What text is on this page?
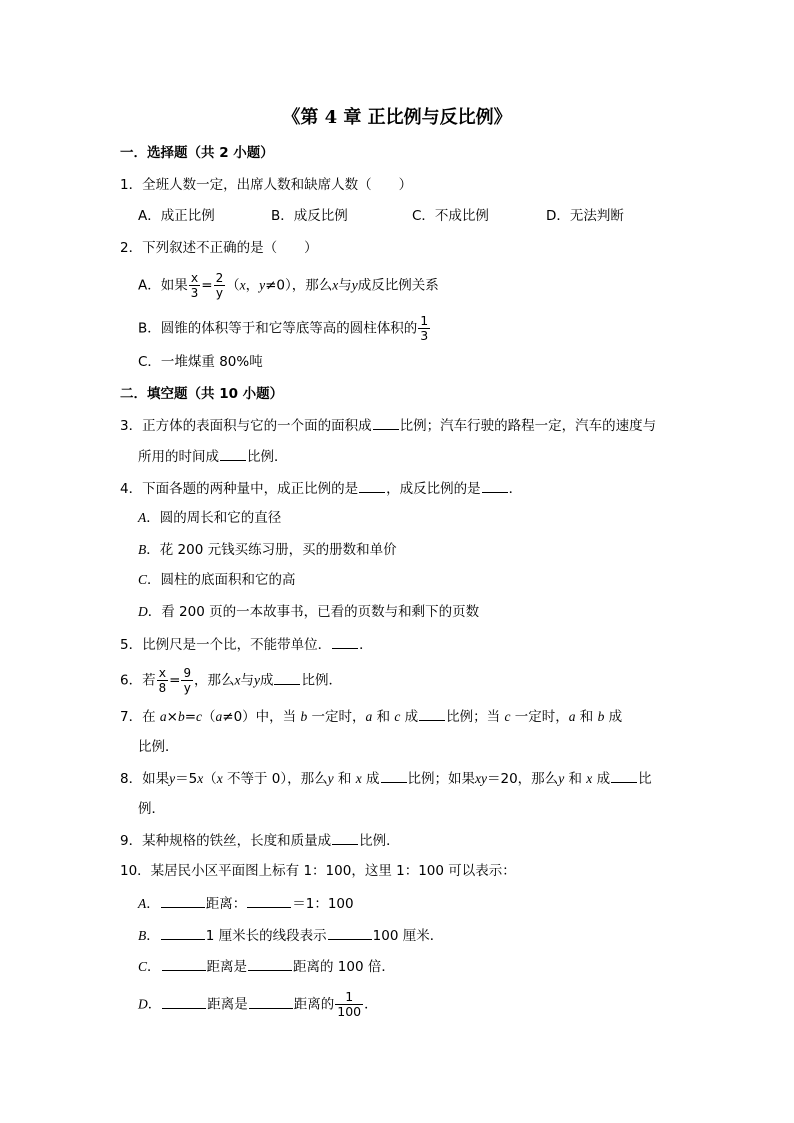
《第 4 章 正比例与反比例》
一．选择题（共 2 小题）
1．全班人数一定，出席人数和缺席人数（　　）
A．成正比例	B．成反比例	C．不成比例	D．无法判断
2．下列叙述不正确的是（　　）
A．如果 $\frac{x}{3} = \frac{2}{y} (x$，y≠0），那么x与y成反比例关系
B．圆锥的体积等于和它等底等高的圆柱体积的 $\frac{1}{3}$
C．一堆煤重 80%吨
二．填空题（共 10 小题）
3．正方体的表面积与它的一个面的面积成 比例；汽车行驶的路程一定，汽车的速度与
所用的时间成 比例．
4．下面各题的两种量中，成正比例的是 ，成反比例的是 ．
A．圆的周长和它的直径
B．花 200 元钱买练习册，买的册数和单价
C．圆柱的底面积和它的高
D．看 200 页的一本故事书，已看的页数与和剩下的页数
5．比例尺是一个比，不能带单位． ．
6．若 $\frac{x}{8} = \frac{9}{y}$ ，那么x与y成 比例．
7．在 a×b=c（a≠0）中，当 b 一定时，a 和 c 成 比例；当 c 一定时，a 和 b 成
比例．
8．如果y＝5x（x 不等于 0），那么y 和 x 成 比例；如果xy＝20，那么y 和 x 成 比
例．
9．某种规格的铁丝，长度和质量成 比例．
10．某居民小区平面图上标有 1：100，这里 1：100 可以表示：
A．	距离：	＝1：100
B．	1 厘米长的线段表示	100 厘米．
C．	距离是	距离的 100 倍．
D．	距离是	距离的 $\frac{1}{100}$ ．
